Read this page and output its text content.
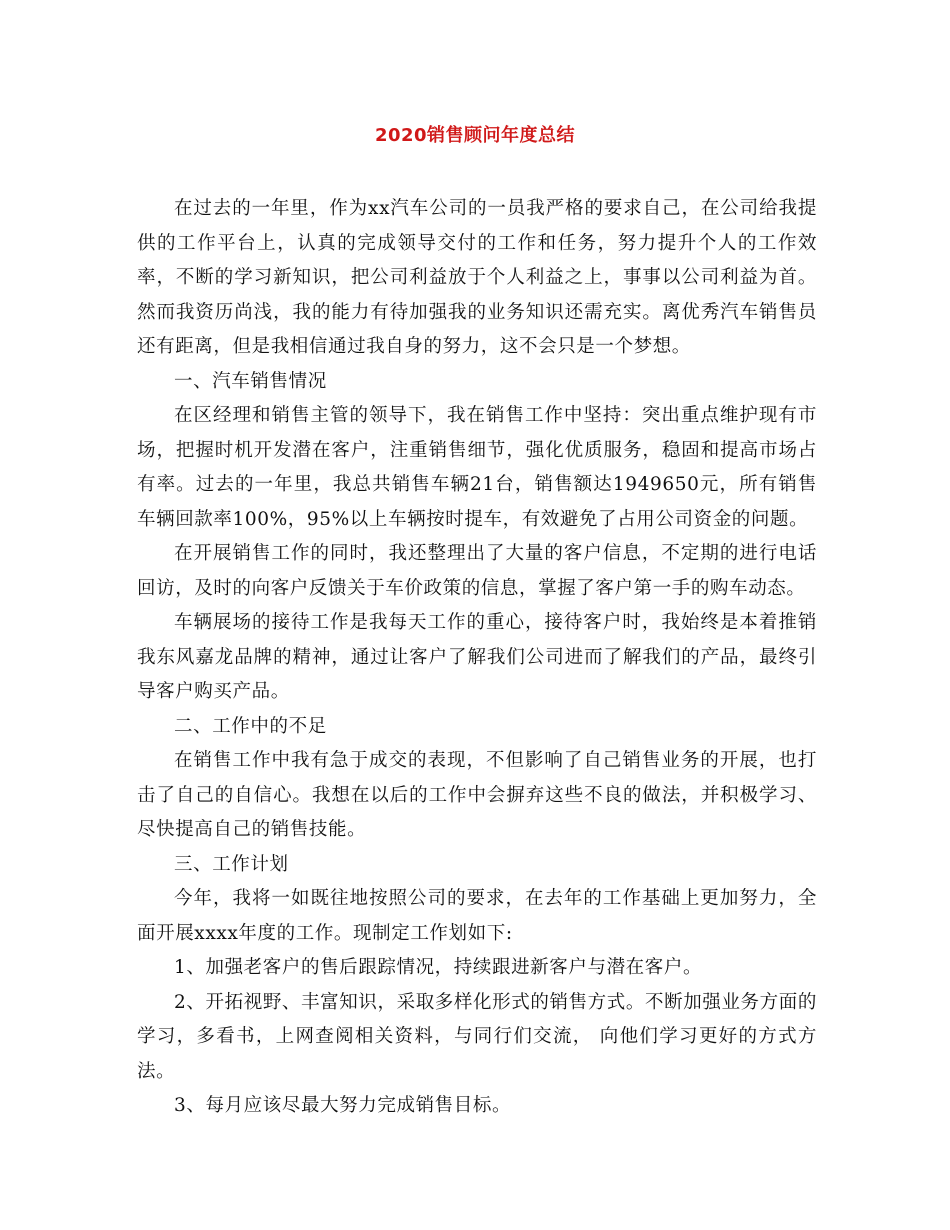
2020销售顾问年度总结

在过去的一年里，作为xx汽车公司的一员我严格的要求自己，在公司给我提供的工作平台上，认真的完成领导交付的工作和任务，努力提升个人的工作效率，不断的学习新知识，把公司利益放于个人利益之上，事事以公司利益为首。然而我资历尚浅，我的能力有待加强我的业务知识还需充实。离优秀汽车销售员还有距离，但是我相信通过我自身的努力，这不会只是一个梦想。

一、汽车销售情况

在区经理和销售主管的领导下，我在销售工作中坚持：突出重点维护现有市场，把握时机开发潜在客户，注重销售细节，强化优质服务，稳固和提高市场占有率。过去的一年里，我总共销售车辆21台，销售额达1949650元，所有销售车辆回款率100%，95%以上车辆按时提车，有效避免了占用公司资金的问题。

在开展销售工作的同时，我还整理出了大量的客户信息，不定期的进行电话回访，及时的向客户反馈关于车价政策的信息，掌握了客户第一手的购车动态。

车辆展场的接待工作是我每天工作的重心，接待客户时，我始终是本着推销我东风嘉龙品牌的精神，通过让客户了解我们公司进而了解我们的产品，最终引导客户购买产品。

二、工作中的不足

在销售工作中我有急于成交的表现，不但影响了自己销售业务的开展，也打击了自己的自信心。我想在以后的工作中会摒弃这些不良的做法，并积极学习、 尽快提高自己的销售技能。

三、工作计划

今年，我将一如既往地按照公司的要求，在去年的工作基础上更加努力，全面开展xxxx年度的工作。现制定工作划如下:

1、加强老客户的售后跟踪情况，持续跟进新客户与潜在客户。

2、开拓视野、丰富知识，采取多样化形式的销售方式。不断加强业务方面的学习，多看书，上网查阅相关资料，与同行们交流， 向他们学习更好的方式方法。

3、每月应该尽最大努力完成销售目标。
